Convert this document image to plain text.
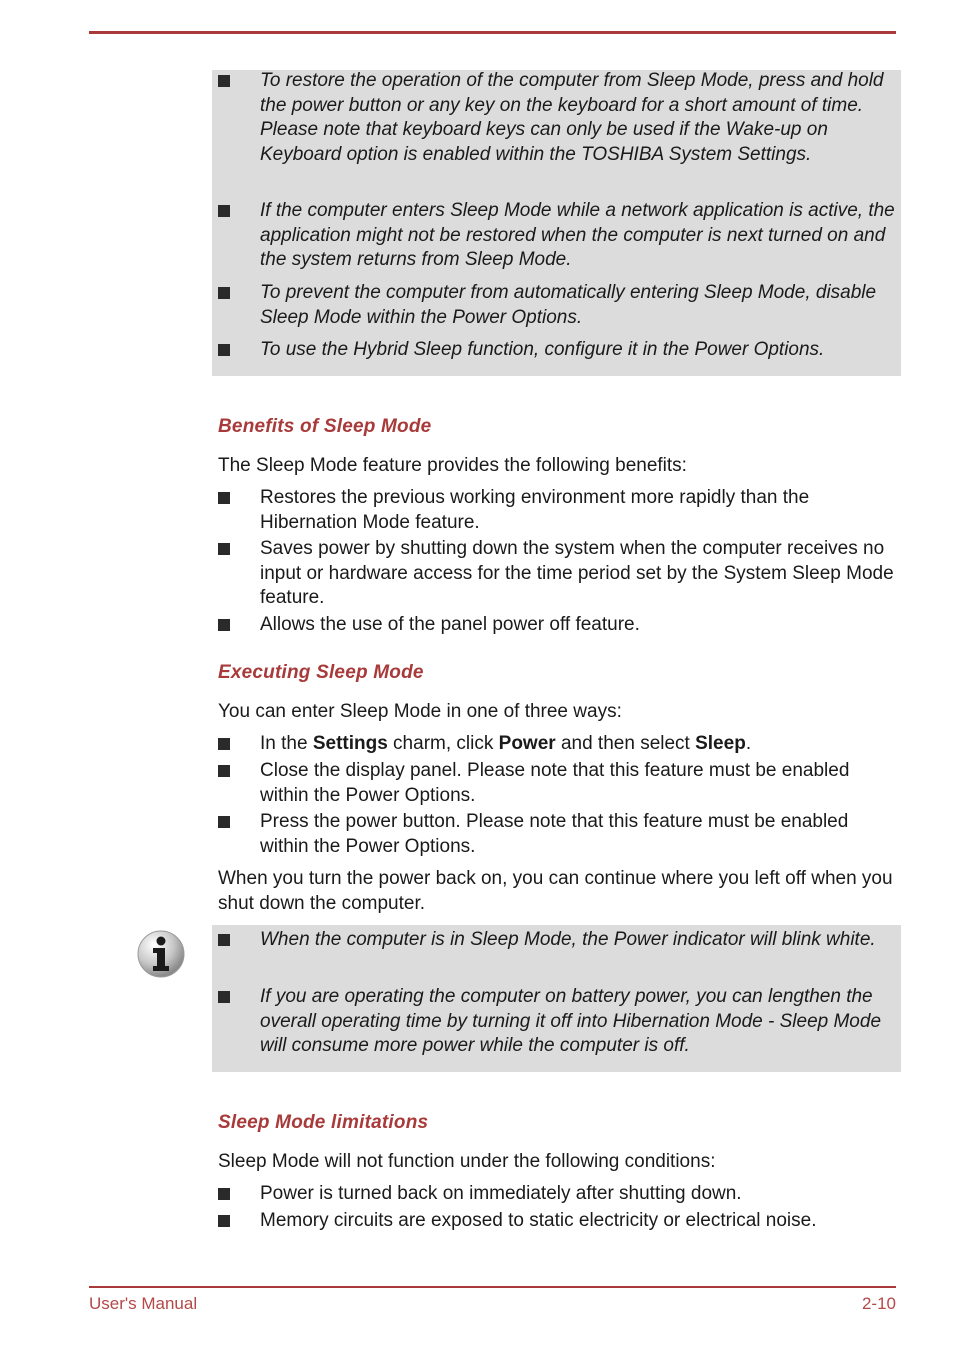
To restore the operation of the computer from Sleep Mode, press and hold the power button or any key on the keyboard for a short amount of time. Please note that keyboard keys can only be used if the Wake-up on Keyboard option is enabled within the TOSHIBA System Settings.
If the computer enters Sleep Mode while a network application is active, the application might not be restored when the computer is next turned on and the system returns from Sleep Mode.
To prevent the computer from automatically entering Sleep Mode, disable Sleep Mode within the Power Options.
To use the Hybrid Sleep function, configure it in the Power Options.
Benefits of Sleep Mode
The Sleep Mode feature provides the following benefits:
Restores the previous working environment more rapidly than the Hibernation Mode feature.
Saves power by shutting down the system when the computer receives no input or hardware access for the time period set by the System Sleep Mode feature.
Allows the use of the panel power off feature.
Executing Sleep Mode
You can enter Sleep Mode in one of three ways:
In the Settings charm, click Power and then select Sleep.
Close the display panel. Please note that this feature must be enabled within the Power Options.
Press the power button. Please note that this feature must be enabled within the Power Options.
When you turn the power back on, you can continue where you left off when you shut down the computer.
When the computer is in Sleep Mode, the Power indicator will blink white.
If you are operating the computer on battery power, you can lengthen the overall operating time by turning it off into Hibernation Mode - Sleep Mode will consume more power while the computer is off.
Sleep Mode limitations
Sleep Mode will not function under the following conditions:
Power is turned back on immediately after shutting down.
Memory circuits are exposed to static electricity or electrical noise.
User's Manual	2-10
